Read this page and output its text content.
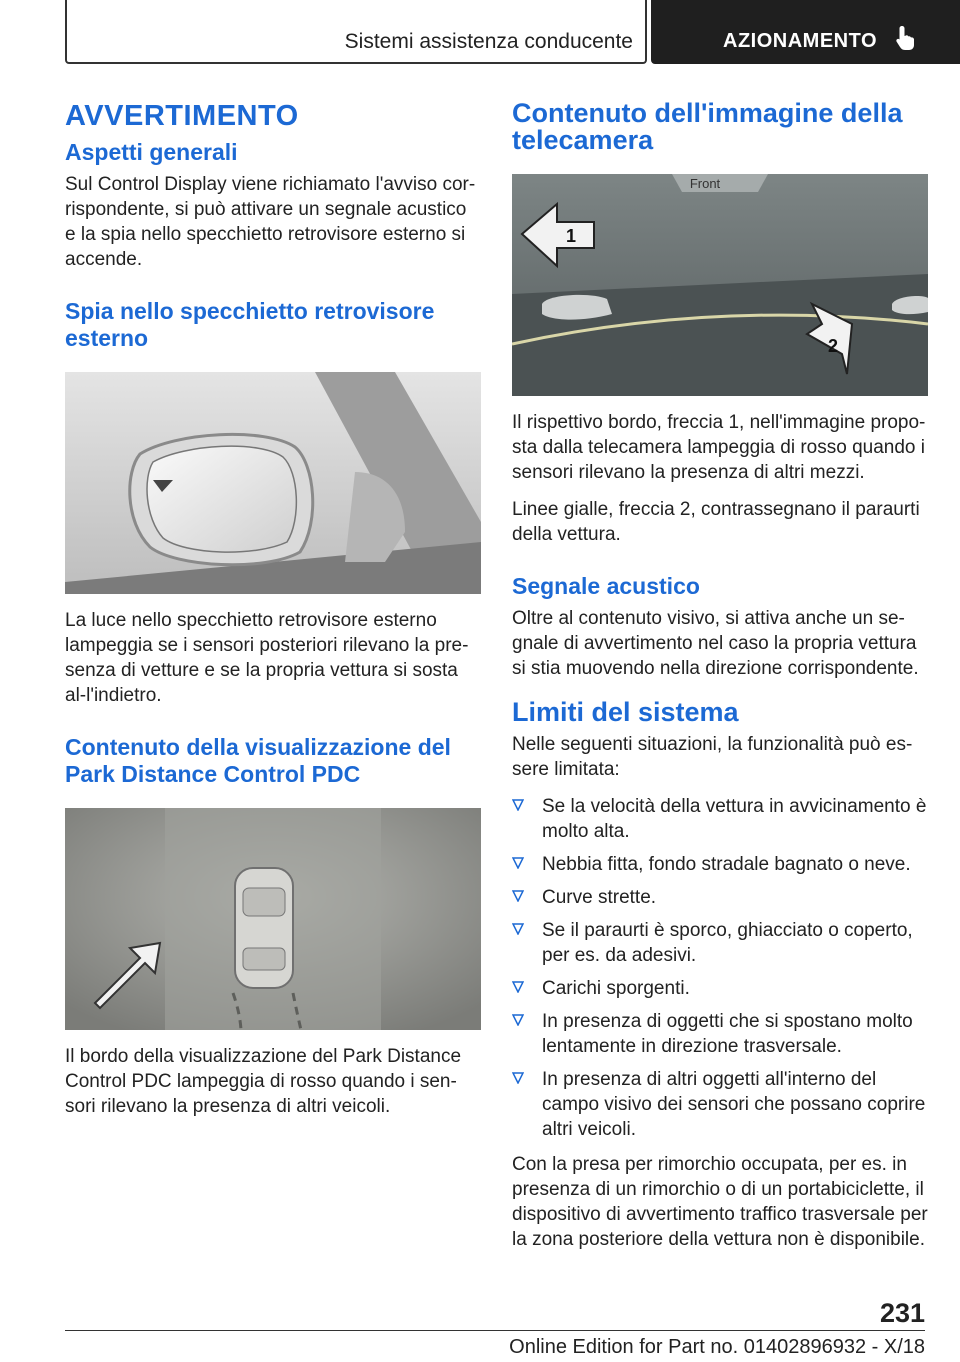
Sistemi assistenza conducente	AZIONAMENTO
AVVERTIMENTO
Aspetti generali

Sul Control Display viene richiamato l'avviso cor-rispondente, si può attivare un segnale acustico e la spia nello specchietto retrovisore esterno si accende.

Spia nello specchietto retrovisore esterno

La luce nello specchietto retrovisore esterno lampeggia se i sensori posteriori rilevano la pre-senza di vetture e se la propria vettura si sosta al-l'indietro.

Contenuto della visualizzazione del Park Distance Control PDC

Il bordo della visualizzazione del Park Distance Control PDC lampeggia di rosso quando i sen-sori rilevano la presenza di altri veicoli.

Contenuto dell'immagine della telecamera
Front
1
2

Il rispettivo bordo, freccia 1, nell'immagine propo-sta dalla telecamera lampeggia di rosso quando i sensori rilevano la presenza di altri mezzi.

Linee gialle, freccia 2, contrassegnano il paraurti della vettura.

Segnale acustico

Oltre al contenuto visivo, si attiva anche un se-gnale di avvertimento nel caso la propria vettura si stia muovendo nella direzione corrispondente.

Limiti del sistema

Nelle seguenti situazioni, la funzionalità può es-sere limitata:

Se la velocità della vettura in avvicinamento è molto alta.
Nebbia fitta, fondo stradale bagnato o neve.
Curve strette.
Se il paraurti è sporco, ghiacciato o coperto, per es. da adesivi.
Carichi sporgenti.
In presenza di oggetti che si spostano molto lentamente in direzione trasversale.
In presenza di altri oggetti all'interno del campo visivo dei sensori che possano coprire altri veicoli.

Con la presa per rimorchio occupata, per es. in presenza di un rimorchio o di un portabiciclette, il dispositivo di avvertimento traffico trasversale per la zona posteriore della vettura non è disponibile.

231
Online Edition for Part no. 01402896932 - X/18
